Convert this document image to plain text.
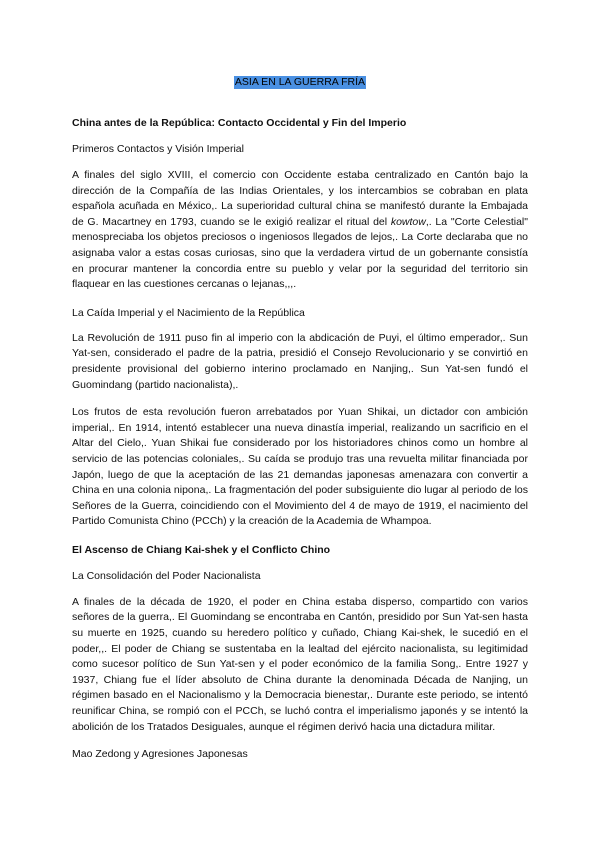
ASIA EN LA GUERRA FRÍA

China antes de la República: Contacto Occidental y Fin del Imperio

Primeros Contactos y Visión Imperial

A finales del siglo XVIII, el comercio con Occidente estaba centralizado en Cantón bajo la dirección de la Compañía de las Indias Orientales, y los intercambios se cobraban en plata española acuñada en México,. La superioridad cultural china se manifestó durante la Embajada de G. Macartney en 1793, cuando se le exigió realizar el ritual del kowtow,. La "Corte Celestial" menospreciaba los objetos preciosos o ingeniosos llegados de lejos,. La Corte declaraba que no asignaba valor a estas cosas curiosas, sino que la verdadera virtud de un gobernante consistía en procurar mantener la concordia entre su pueblo y velar por la seguridad del territorio sin flaquear en las cuestiones cercanas o lejanas,,,.

La Caída Imperial y el Nacimiento de la República

La Revolución de 1911 puso fin al imperio con la abdicación de Puyi, el último emperador,. Sun Yat-sen, considerado el padre de la patria, presidió el Consejo Revolucionario y se convirtió en presidente provisional del gobierno interino proclamado en Nanjing,. Sun Yat-sen fundó el Guomindang (partido nacionalista),.

Los frutos de esta revolución fueron arrebatados por Yuan Shikai, un dictador con ambición imperial,. En 1914, intentó establecer una nueva dinastía imperial, realizando un sacrificio en el Altar del Cielo,. Yuan Shikai fue considerado por los historiadores chinos como un hombre al servicio de las potencias coloniales,. Su caída se produjo tras una revuelta militar financiada por Japón, luego de que la aceptación de las 21 demandas japonesas amenazara con convertir a China en una colonia nipona,. La fragmentación del poder subsiguiente dio lugar al periodo de los Señores de la Guerra, coincidiendo con el Movimiento del 4 de mayo de 1919, el nacimiento del Partido Comunista Chino (PCCh) y la creación de la Academia de Whampoa.

El Ascenso de Chiang Kai-shek y el Conflicto Chino

La Consolidación del Poder Nacionalista

A finales de la década de 1920, el poder en China estaba disperso, compartido con varios señores de la guerra,. El Guomindang se encontraba en Cantón, presidido por Sun Yat-sen hasta su muerte en 1925, cuando su heredero político y cuñado, Chiang Kai-shek, le sucedió en el poder,,. El poder de Chiang se sustentaba en la lealtad del ejército nacionalista, su legitimidad como sucesor político de Sun Yat-sen y el poder económico de la familia Song,. Entre 1927 y 1937, Chiang fue el líder absoluto de China durante la denominada Década de Nanjing, un régimen basado en el Nacionalismo y la Democracia bienestar,. Durante este periodo, se intentó reunificar China, se rompió con el PCCh, se luchó contra el imperialismo japonés y se intentó la abolición de los Tratados Desiguales, aunque el régimen derivó hacia una dictadura militar.

Mao Zedong y Agresiones Japonesas
